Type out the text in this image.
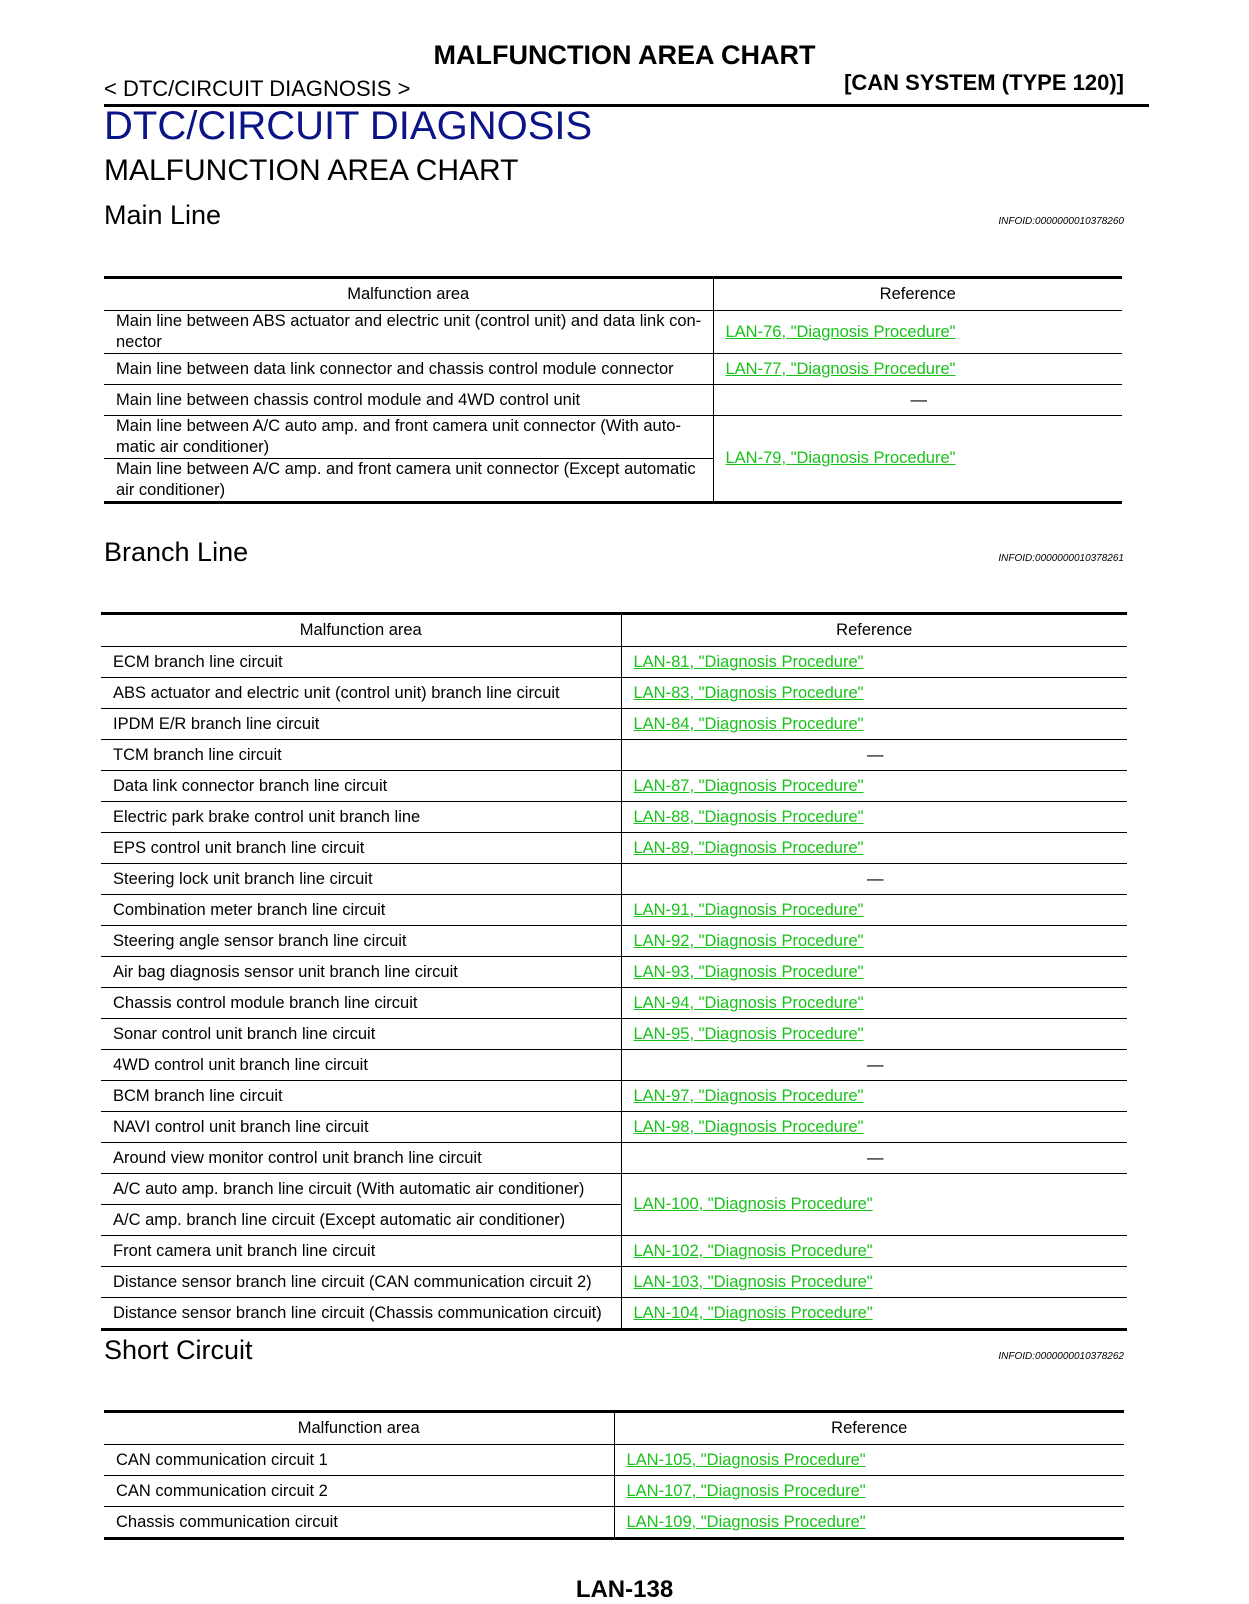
MALFUNCTION AREA CHART
< DTC/CIRCUIT DIAGNOSIS >	[CAN SYSTEM (TYPE 120)]
DTC/CIRCUIT DIAGNOSIS
MALFUNCTION AREA CHART
Main Line	INFOID:0000000010378260
Malfunction area	Reference
Main line between ABS actuator and electric unit (control unit) and data link con-nector	LAN-76, "Diagnosis Procedure"
Main line between data link connector and chassis control module connector	LAN-77, "Diagnosis Procedure"
Main line between chassis control module and 4WD control unit	—
Main line between A/C auto amp. and front camera unit connector (With auto-matic air conditioner)	LAN-79, "Diagnosis Procedure"
Main line between A/C amp. and front camera unit connector (Except automatic air conditioner)	
Branch Line	INFOID:0000000010378261
Malfunction area	Reference
ECM branch line circuit	LAN-81, "Diagnosis Procedure"
ABS actuator and electric unit (control unit) branch line circuit	LAN-83, "Diagnosis Procedure"
IPDM E/R branch line circuit	LAN-84, "Diagnosis Procedure"
TCM branch line circuit	—
Data link connector branch line circuit	LAN-87, "Diagnosis Procedure"
Electric park brake control unit branch line	LAN-88, "Diagnosis Procedure"
EPS control unit branch line circuit	LAN-89, "Diagnosis Procedure"
Steering lock unit branch line circuit	—
Combination meter branch line circuit	LAN-91, "Diagnosis Procedure"
Steering angle sensor branch line circuit	LAN-92, "Diagnosis Procedure"
Air bag diagnosis sensor unit branch line circuit	LAN-93, "Diagnosis Procedure"
Chassis control module branch line circuit	LAN-94, "Diagnosis Procedure"
Sonar control unit branch line circuit	LAN-95, "Diagnosis Procedure"
4WD control unit branch line circuit	—
BCM branch line circuit	LAN-97, "Diagnosis Procedure"
NAVI control unit branch line circuit	LAN-98, "Diagnosis Procedure"
Around view monitor control unit branch line circuit	—
A/C auto amp. branch line circuit (With automatic air conditioner)	LAN-100, "Diagnosis Procedure"
A/C amp. branch line circuit (Except automatic air conditioner)	
Front camera unit branch line circuit	LAN-102, "Diagnosis Procedure"
Distance sensor branch line circuit (CAN communication circuit 2)	LAN-103, "Diagnosis Procedure"
Distance sensor branch line circuit (Chassis communication circuit)	LAN-104, "Diagnosis Procedure"
Short Circuit	INFOID:0000000010378262
Malfunction area	Reference
CAN communication circuit 1	LAN-105, "Diagnosis Procedure"
CAN communication circuit 2	LAN-107, "Diagnosis Procedure"
Chassis communication circuit	LAN-109, "Diagnosis Procedure"
LAN-138
